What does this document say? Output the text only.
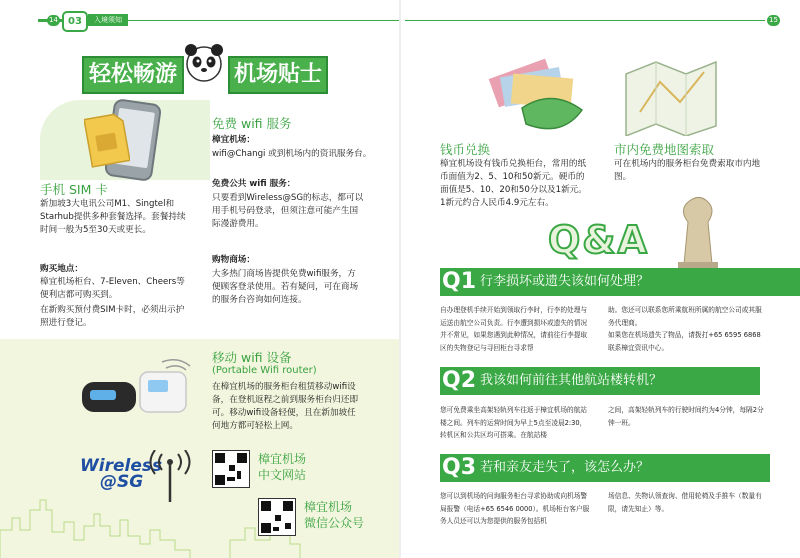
14	03	入境须知	15
轻松畅游	机场贴士
手机 SIM 卡
新加坡3大电讯公司M1、Singtel和Starhub提供多种套餐选择。套餐持续时间一般为5至30天或更长。
购买地点：
樟宜机场柜台、7-Eleven、Cheers等便利店都可购买到。
在新购买预付费SIM卡时，必须出示护照进行登记。
免费 wifi 服务
樟宜机场：
wifi@Changi 或到机场内的资讯服务台。
免费公共 wifi 服务：
只要看到Wireless@SG的标志，都可以用手机号码登录，但须注意可能产生国际漫游费用。
购物商场：
大多热门商场皆提供免费wifi服务，方便顾客登录使用。若有疑问，可在商场的服务台咨询如何连接。
移动 wifi 设备
(Portable Wifi router)
在樟宜机场的服务柜台租赁移动wifi设备，在登机返程之前到服务柜台归还即可。移动wifi设备轻便，且在新加坡任何地方都可轻松上网。
Wireless
@SG
樟宜机场
中文网站
樟宜机场
微信公众号
钱币兑换
樟宜机场设有钱币兑换柜台，常用的纸币面值为2、5、10和50新元。硬币的面值是5、10、20和50分以及1新元。1新元约合人民币4.9元左右。
市内免费地图索取
可在机场内的服务柜台免费索取市内地图。
Q&A
行李损坏或遗失该如何处理？
Q1
自办理登机手续开始到领取行李时，行李的处理与运送由航空公司负责。行李遭到损坏或遗失的情况并不常见，如果您遇到此种情况，请前往行李提取区的失物登记与寻回柜台寻求帮
助。您还可以联系您所乘航班所属的航空公司或其服务代理商。
如果您在机场遗失了物品，请拨打+65 6595 6868联系樟宜资讯中心。
我该如何前往其他航站楼转机？
Q2
您可免费乘坐高架轻轨列车往返于樟宜机场的航站楼之间。列车的运营时间为早上5点至凌晨2:30，转机区和公共区均可搭乘。在航站楼
之间，高架轻轨列车的行驶时间约为4分钟，每隔2分钟一班。
若和亲友走失了，该怎么办？
Q3
您可以到机场的问询服务柜台寻求协助或向机场警局报警（电话+65 6546 0000）。机场柜台客户服务人员还可以为您提供的服务包括机
场信息、失物认领查询、借用轮椅及手推车（数量有限，请先知止）等。
